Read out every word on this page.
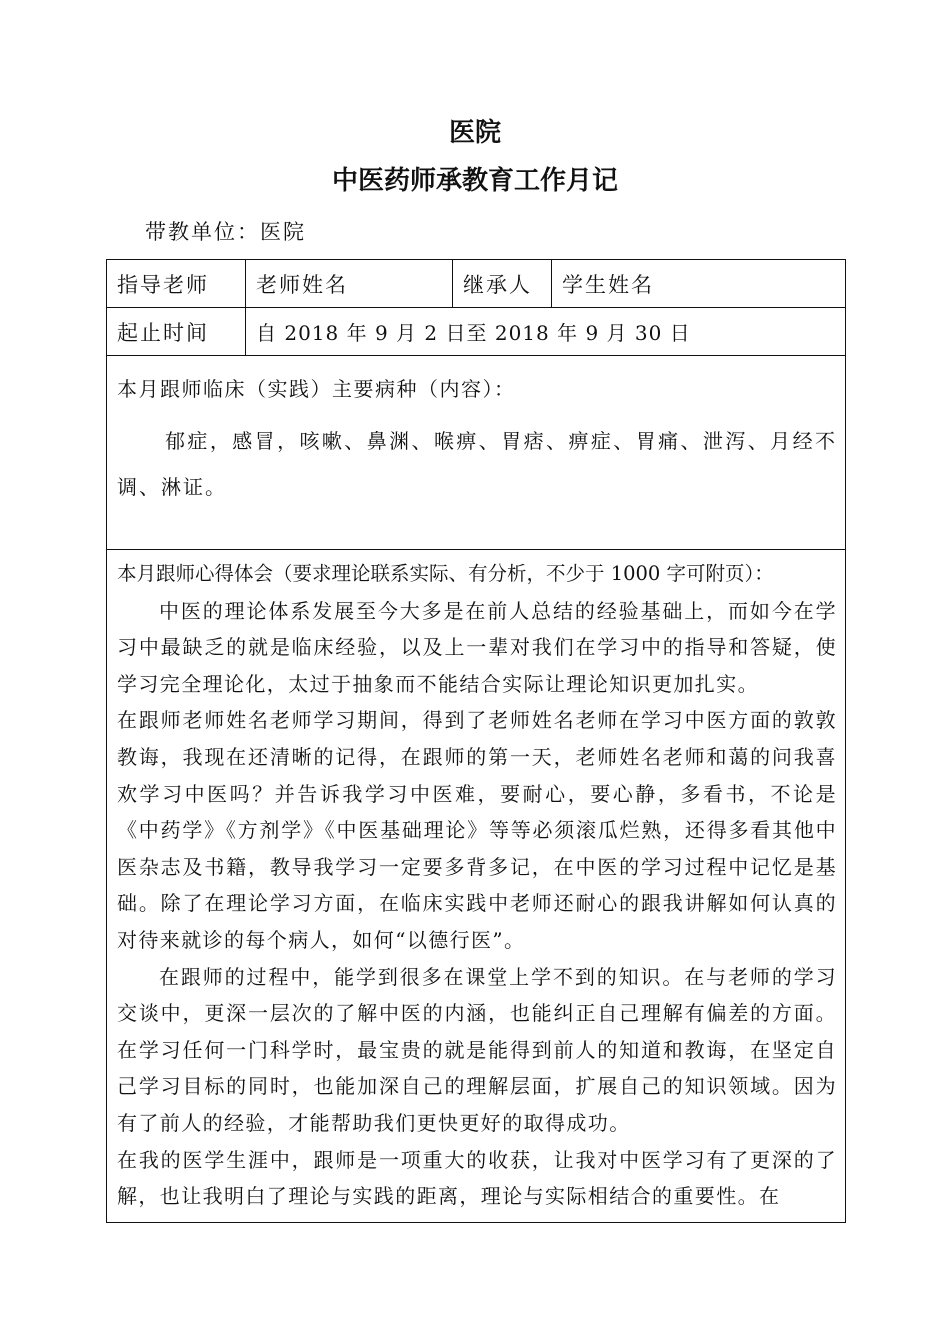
医院
中医药师承教育工作月记
带教单位：医院
指导老师	老师姓名	继承人	学生姓名
起止时间	自 2018 年 9 月 2 日至 2018 年 9 月 30 日
本月跟师临床（实践）主要病种（内容）：
郁症，感冒，咳嗽、鼻渊、喉痹、胃痞、痹症、胃痛、泄泻、月经不调、淋证。
本月跟师心得体会（要求理论联系实际、有分析，不少于 1000 字可附页）：
中医的理论体系发展至今大多是在前人总结的经验基础上，而如今在学习中最缺乏的就是临床经验，以及上一辈对我们在学习中的指导和答疑，使学习完全理论化，太过于抽象而不能结合实际让理论知识更加扎实。
在跟师老师姓名老师学习期间，得到了老师姓名老师在学习中医方面的敦敦教诲，我现在还清晰的记得，在跟师的第一天，老师姓名老师和蔼的问我喜欢学习中医吗？并告诉我学习中医难，要耐心，要心静，多看书，不论是《中药学》《方剂学》《中医基础理论》等等必须滚瓜烂熟，还得多看其他中医杂志及书籍，教导我学习一定要多背多记，在中医的学习过程中记忆是基础。除了在理论学习方面，在临床实践中老师还耐心的跟我讲解如何认真的对待来就诊的每个病人，如何“以德行医”。
在跟师的过程中，能学到很多在课堂上学不到的知识。在与老师的学习交谈中，更深一层次的了解中医的内涵，也能纠正自己理解有偏差的方面。在学习任何一门科学时，最宝贵的就是能得到前人的知道和教诲，在坚定自己学习目标的同时，也能加深自己的理解层面，扩展自己的知识领域。因为有了前人的经验，才能帮助我们更快更好的取得成功。
在我的医学生涯中，跟师是一项重大的收获，让我对中医学习有了更深的了解，也让我明白了理论与实践的距离，理论与实际相结合的重要性。在
